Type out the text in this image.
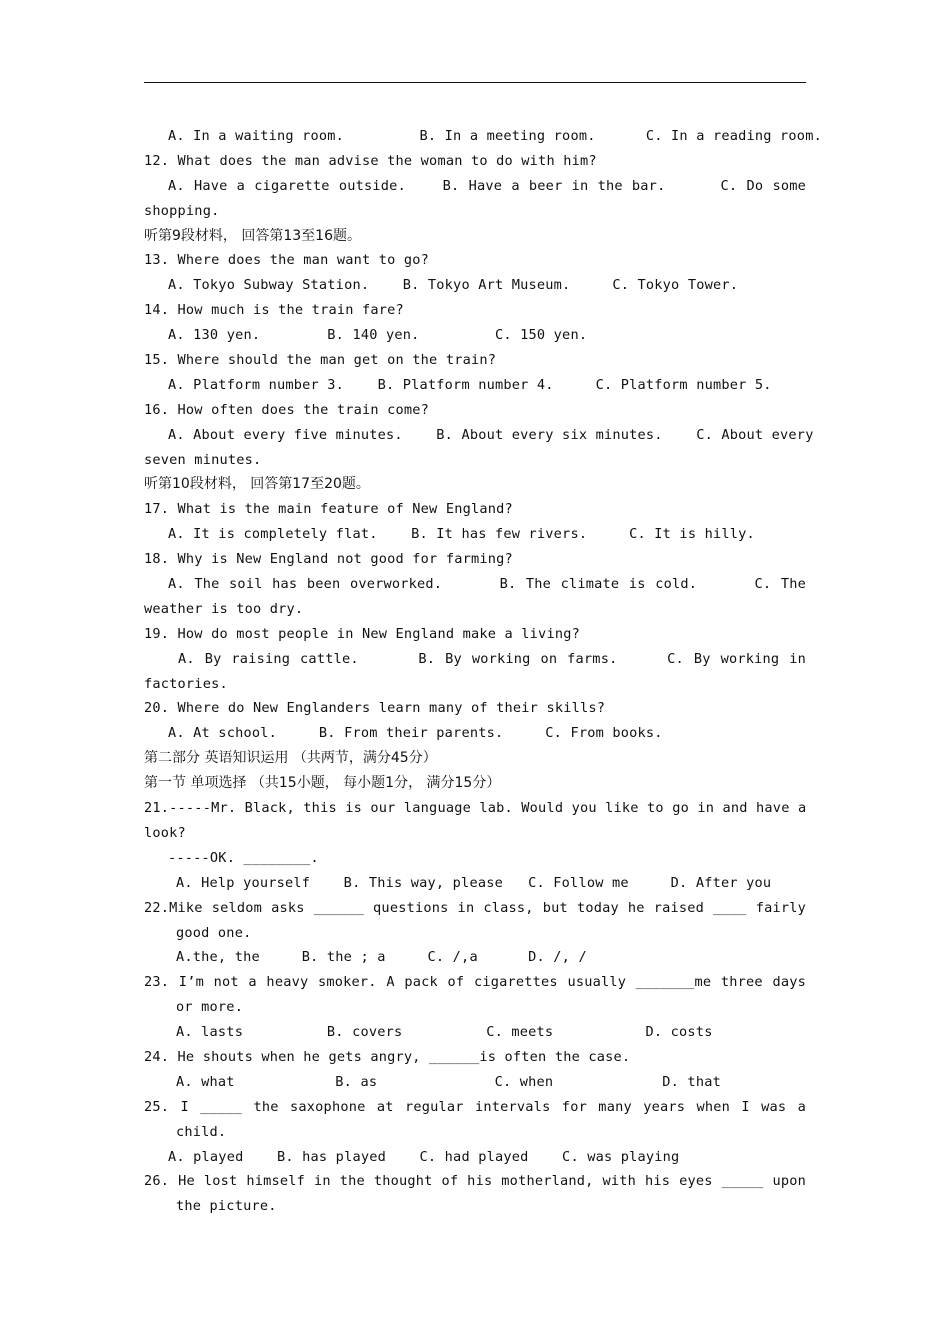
A. In a waiting room.         B. In a meeting room.      C. In a reading room.
12. What does the man advise the woman to do with him?
A. Have a cigarette outside.    B. Have a beer in the bar.      C. Do some
shopping.
听第9段材料， 回答第13至16题。
13. Where does the man want to go?
A. Tokyo Subway Station.    B. Tokyo Art Museum.     C. Tokyo Tower.
14. How much is the train fare?
A. 130 yen.        B. 140 yen.         C. 150 yen.
15. Where should the man get on the train?
A. Platform number 3.    B. Platform number 4.     C. Platform number 5.
16. How often does the train come?
A. About every five minutes.    B. About every six minutes.    C. About every
seven minutes.
听第10段材料， 回答第17至20题。
17. What is the main feature of New England?
A. It is completely flat.    B. It has few rivers.     C. It is hilly.
18. Why is New England not good for farming?
A. The soil has been overworked.      B. The climate is cold.      C. The
weather is too dry.
19. How do most people in New England make a living?
A. By raising cattle.      B. By working on farms.     C. By working in
factories.
20. Where do New Englanders learn many of their skills?
A. At school.     B. From their parents.     C. From books.
第二部分 英语知识运用 （共两节，满分45分）
第一节 单项选择 （共15小题， 每小题1分， 满分15分）
21.-----Mr. Black, this is our language lab. Would you like to go in and have a
look?
-----OK. ________.
A. Help yourself    B. This way, please   C. Follow me     D. After you
22.Mike seldom asks ______ questions in class, but today he raised ____ fairly
good one.
A.the, the     B. the ; a     C. /,a      D. /, /
23. I’m not a heavy smoker. A pack of cigarettes usually _______me three days
or more.
A. lasts          B. covers          C. meets           D. costs
24. He shouts when he gets angry, ______is often the case.
A. what            B. as              C. when             D. that
25. I _____ the saxophone at regular intervals for many years when I was a
child.
A. played    B. has played    C. had played    C. was playing
26. He lost himself in the thought of his motherland, with his eyes _____ upon
the picture.
